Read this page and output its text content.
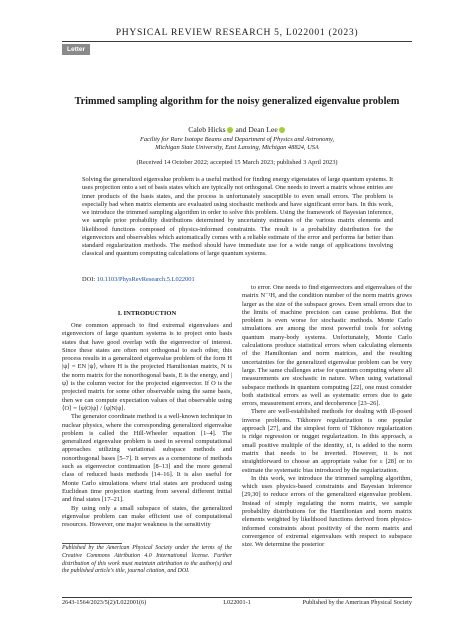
PHYSICAL REVIEW RESEARCH 5, L022001 (2023)
Letter
Trimmed sampling algorithm for the noisy generalized eigenvalue problem
Caleb Hicks and Dean Lee
Facility for Rare Isotope Beams and Department of Physics and Astronomy,
Michigan State University, East Lansing, Michigan 48824, USA
(Received 14 October 2022; accepted 15 March 2023; published 3 April 2023)

Solving the generalized eigenvalue problem is a useful method for finding energy eigenstates of large quantum systems. It uses projection onto a set of basis states which are typically not orthogonal. One needs to invert a matrix whose entries are inner products of the basis states, and the process is unfortunately susceptible to even small errors. The problem is especially bad when matrix elements are evaluated using stochastic methods and have significant error bars. In this work, we introduce the trimmed sampling algorithm in order to solve this problem. Using the framework of Bayesian inference, we sample prior probability distributions determined by uncertainty estimates of the various matrix elements and likelihood functions composed of physics-informed constraints. The result is a probability distribution for the eigenvectors and observables which automatically comes with a reliable estimate of the error and performs far better than standard regularization methods. The method should have immediate use for a wide range of applications involving classical and quantum computing calculations of large quantum systems.

DOI: 10.1103/PhysRevResearch.5.L022001
I. INTRODUCTION

One common approach to find extremal eigenvalues and eigenvectors of large quantum systems is to project onto basis states that have good overlap with the eigenvector of interest. Since these states are often not orthogonal to each other, this process results in a generalized eigenvalue problem of the form H |ψ⟩ = EN |ψ⟩, where H is the projected Hamiltonian matrix, N is the norm matrix for the nonorthogonal basis, E is the energy, and |ψ⟩ is the column vector for the projected eigenvector. If O is the projected matrix for some other observable using the same basis, then we can compute expectation values of that observable using ⟨O⟩ = ⟨ψ|O|ψ⟩ / ⟨ψ|N|ψ⟩.

The generator coordinate method is a well-known technique in nuclear physics, where the corresponding generalized eigenvalue problem is called the Hill-Wheeler equation [1–4]. The generalized eigenvalue problem is used in several computational approaches utilizing variational subspace methods and nonorthogonal bases [5–7]. It serves as a cornerstone of methods such as eigenvector continuation [8–13] and the more general class of reduced basis methods [14–16]. It is also useful for Monte Carlo simulations where trial states are produced using Euclidean time projection starting from several different initial and final states [17–21].

By using only a small subspace of states, the generalized eigenvalue problem can make efficient use of computational resources. However, one major weakness is the sensitivity

Published by the American Physical Society under the terms of the Creative Commons Attribution 4.0 International license. Further distribution of this work must maintain attribution to the author(s) and the published article's title, journal citation, and DOI.

to error. One needs to find eigenvectors and eigenvalues of the matrix N⁻¹H, and the condition number of the norm matrix grows larger as the size of the subspace grows. Even small errors due to the limits of machine precision can cause problems. But the problem is even worse for stochastic methods. Monte Carlo simulations are among the most powerful tools for solving quantum many-body systems. Unfortunately, Monte Carlo calculations produce statistical errors when calculating elements of the Hamiltonian and norm matrices, and the resulting uncertainties for the generalized eigenvalue problem can be very large. The same challenges arise for quantum computing where all measurements are stochastic in nature. When using variational subspace methods in quantum computing [22], one must consider both statistical errors as well as systematic errors due to gate errors, measurement errors, and decoherence [23–26].

There are well-established methods for dealing with ill-posed inverse problems. Tikhonov regularization is one popular approach [27], and the simplest form of Tikhonov regularization is ridge regression or nugget regularization. In this approach, a small positive multiple of the identity, εI, is added to the norm matrix that needs to be inverted. However, it is not straightforward to choose an appropriate value for ε [28] or to estimate the systematic bias introduced by the regularization.

In this work, we introduce the trimmed sampling algorithm, which uses physics-based constraints and Bayesian inference [29,30] to reduce errors of the generalized eigenvalue problem. Instead of simply regulating the norm matrix, we sample probability distributions for the Hamiltonian and norm matrix elements weighted by likelihood functions derived from physics-informed constraints about positivity of the norm matrix and convergence of extremal eigenvalues with respect to subspace size. We determine the posterior

2643-1564/2023/5(2)/L022001(6)	L022001-1	Published by the American Physical Society
